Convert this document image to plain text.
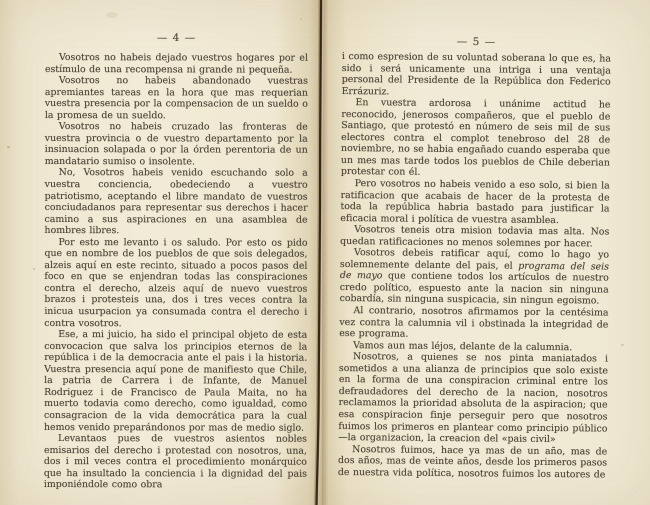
— 4 —

Vosotros no habeis dejado vuestros hogares por el estímulo de una recompensa ni grande ni pequeña.

Vosotros no habeis abandonado vuestras apremiantes tareas en la hora que mas requerian vuestra presencia por la compensacion de un sueldo o la promesa de un sueldo.

Vosotros no habeis cruzado las fronteras de vuestra provincia o de vuestro departamento por la insinuacion solapada o por la órden perentoria de un mandatario sumiso o insolente.

No, Vosotros habeis venido escuchando solo a vuestra conciencia, obedeciendo a vuestro patriotismo, aceptando el libre mandato de vuestros conciudadanos para representar sus derechos i hacer camino a sus aspiraciones en una asamblea de hombres libres.

Por esto me levanto i os saludo. Por esto os pido que en nombre de los pueblos de que sois delegados, alzeis aquí en este recinto, situado a pocos pasos del foco en que se enjendran todas las conspiraciones contra el derecho, alzeis aquí de nuevo vuestros brazos i protesteis una, dos i tres veces contra la inicua usurpacion ya consumada contra el derecho i contra vosotros.

Ese, a mi juicio, ha sido el principal objeto de esta convocacion que salva los principios eternos de la república i de la democracia ante el pais i la historia. Vuestra presencia aquí pone de manifiesto que Chile, la patria de Carrera i de Infante, de Manuel Rodriguez i de Francisco de Paula Maita, no ha muerto todavia como derecho, como igualdad, como consagracion de la vida democrática para la cual hemos venido preparándonos por mas de medio siglo.

Levantaos pues de vuestros asientos nobles emisarios del derecho i protestad con nosotros, una, dos i mil veces contra el procedimiento monárquico que ha insultado la conciencia i la dignidad del pais imponiéndole como obra

— 5 —

i como espresion de su voluntad soberana lo que es, ha sido i será unicamente una intriga i una ventaja personal del Presidente de la República don Federico Errázuriz.

En vuestra ardorosa i unánime actitud he reconocido, jenerosos compañeros, que el pueblo de Santiago, que protestó en número de seis mil de sus electores contra el complot tenebroso del 28 de noviembre, no se habia engañado cuando esperaba que un mes mas tarde todos los pueblos de Chile deberian protestar con él.

Pero vosotros no habeis venido a eso solo, si bien la ratificacion que acabais de hacer de la protesta de toda la república habria bastado para justificar la eficacia moral i política de vuestra asamblea.

Vosotros teneis otra mision todavia mas alta. Nos quedan ratificaciones no menos solemnes por hacer.

Vosotros debeis ratificar aquí, como lo hago yo solemnemente delante del pais, el programa del seis de mayo que contiene todos los artículos de nuestro credo político, espuesto ante la nacion sin ninguna cobardía, sin ninguna suspicacia, sin ningun egoismo.

Al contrario, nosotros afirmamos por la centésima vez contra la calumnia vil i obstinada la integridad de ese programa.

Vamos aun mas léjos, delante de la calumnia.

Nosotros, a quienes se nos pinta maniatados i sometidos a una alianza de principios que solo existe en la forma de una conspiracion criminal entre los defraudadores del derecho de la nacion, nosotros reclamamos la prioridad absoluta de la aspiracion; que esa conspiracion finje perseguir pero que nosotros fuimos los primeros en plantear como principio público—la organizacion, la creacion del «pais civil»

Nosotros fuimos, hace ya mas de un año, mas de dos años, mas de veinte años, desde los primeros pasos de nuestra vida política, nosotros fuimos los autores de
